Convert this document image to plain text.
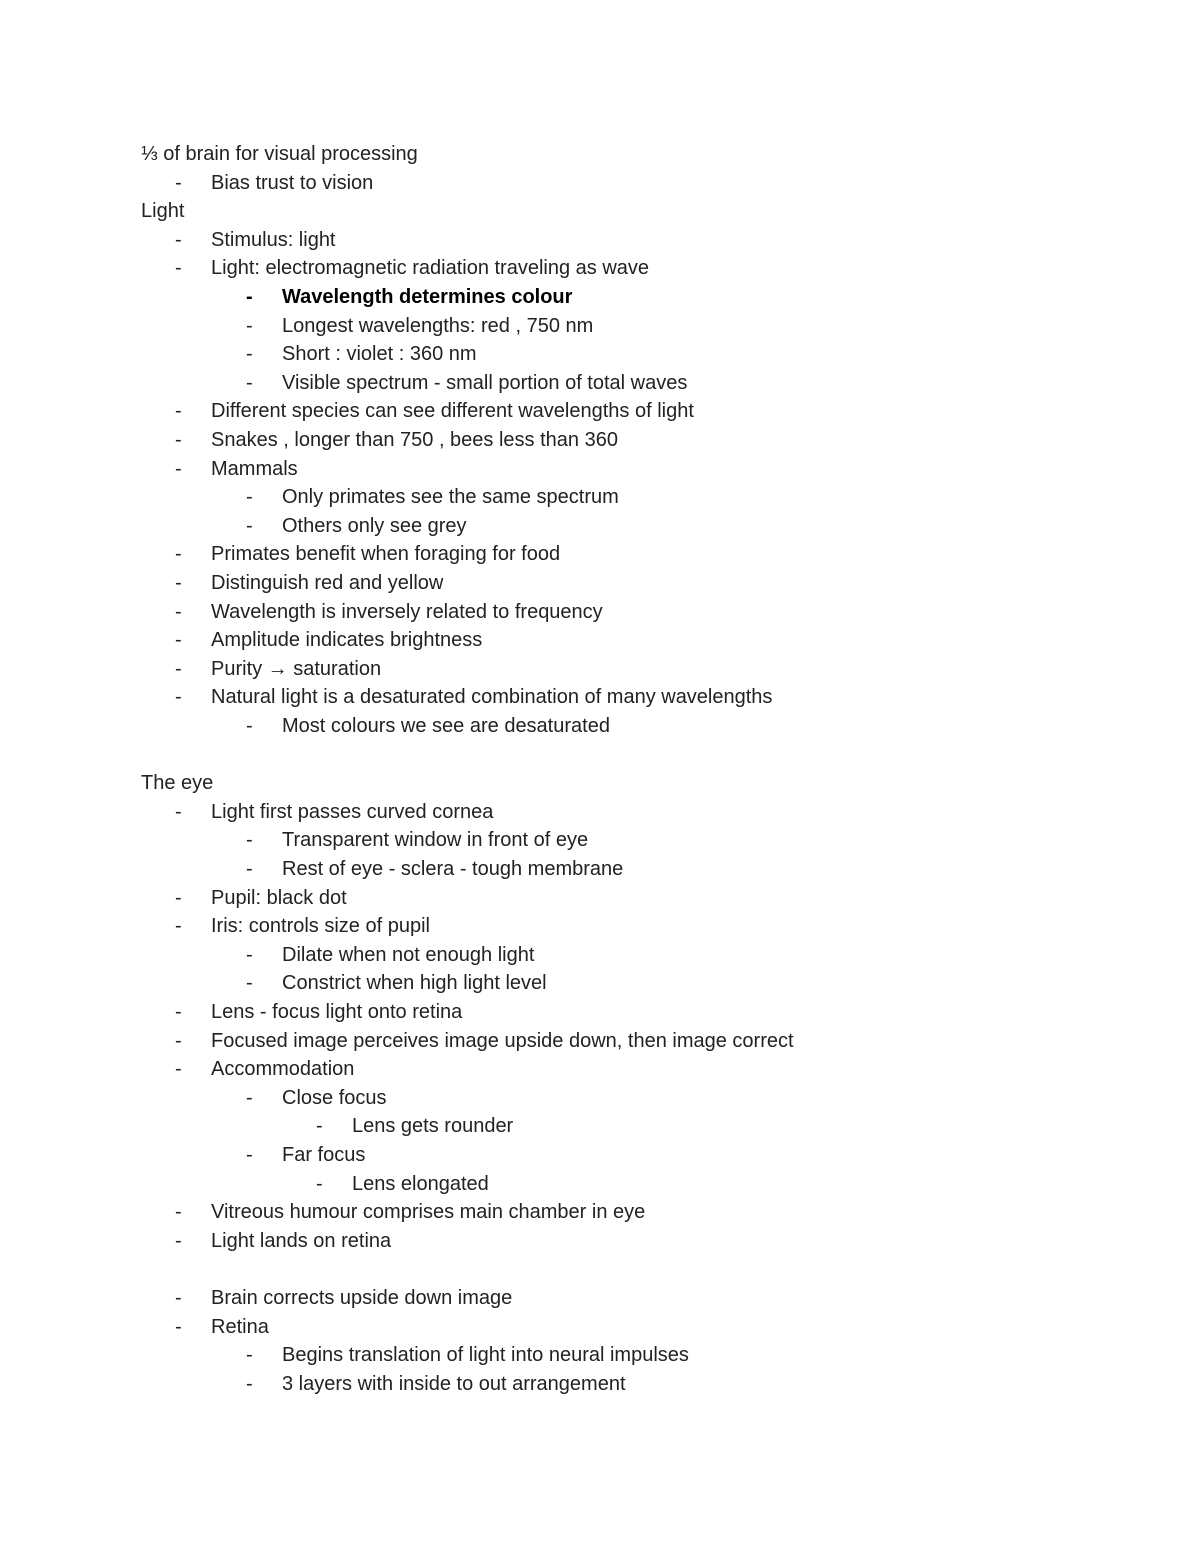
⅓ of brain for visual processing
- Bias trust to vision
Light
- Stimulus: light
- Light: electromagnetic radiation traveling as wave
- Wavelength determines colour
- Longest wavelengths: red , 750 nm
- Short : violet : 360 nm
- Visible spectrum - small portion of total waves
- Different species can see different wavelengths of light
- Snakes , longer than 750 , bees less than 360
- Mammals
- Only primates see the same spectrum
- Others only see grey
- Primates benefit when foraging for food
- Distinguish red and yellow
- Wavelength is inversely related to frequency
- Amplitude indicates brightness
- Purity → saturation
- Natural light is a desaturated combination of many wavelengths
- Most colours we see are desaturated
The eye
- Light first passes curved cornea
- Transparent window in front of eye
- Rest of eye - sclera - tough membrane
- Pupil: black dot
- Iris: controls size of pupil
- Dilate when not enough light
- Constrict when high light level
- Lens - focus light onto retina
- Focused image perceives image upside down, then image correct
- Accommodation
- Close focus
- Lens gets rounder
- Far focus
- Lens elongated
- Vitreous humour comprises main chamber in eye
- Light lands on retina
- Brain corrects upside down image
- Retina
- Begins translation of light into neural impulses
- 3 layers with inside to out arrangement
